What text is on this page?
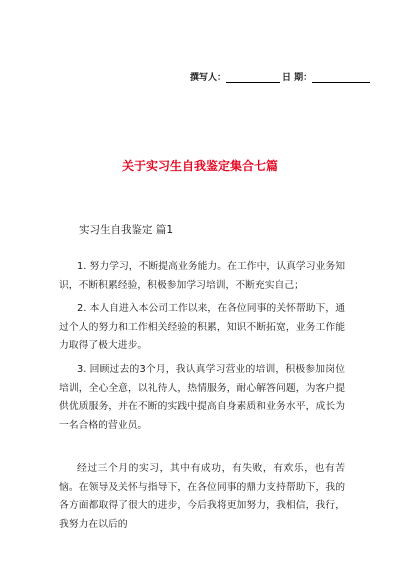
撰写人：	日 期：
关于实习生自我鉴定集合七篇
实习生自我鉴定 篇1

1. 努力学习，不断提高业务能力。在工作中，认真学习业务知识，不断积累经验，积极参加学习培训，不断充实自己；

2. 本人自进入本公司工作以来，在各位同事的关怀帮助下，通过个人的努力和工作相关经验的积累，知识不断拓宽，业务工作能力取得了极大进步。

3. 回顾过去的3个月，我认真学习营业的培训，积极参加岗位培训，全心全意，以礼待人，热情服务，耐心解答问题，为客户提供优质服务，并在不断的实践中提高自身素质和业务水平，成长为一名合格的营业员。

经过三个月的实习，其中有成功，有失败，有欢乐，也有苦恼。在领导及关怀与指导下，在各位同事的鼎力支持帮助下，我的各方面都取得了很大的进步，今后我将更加努力，我相信，我行，我努力在以后的
